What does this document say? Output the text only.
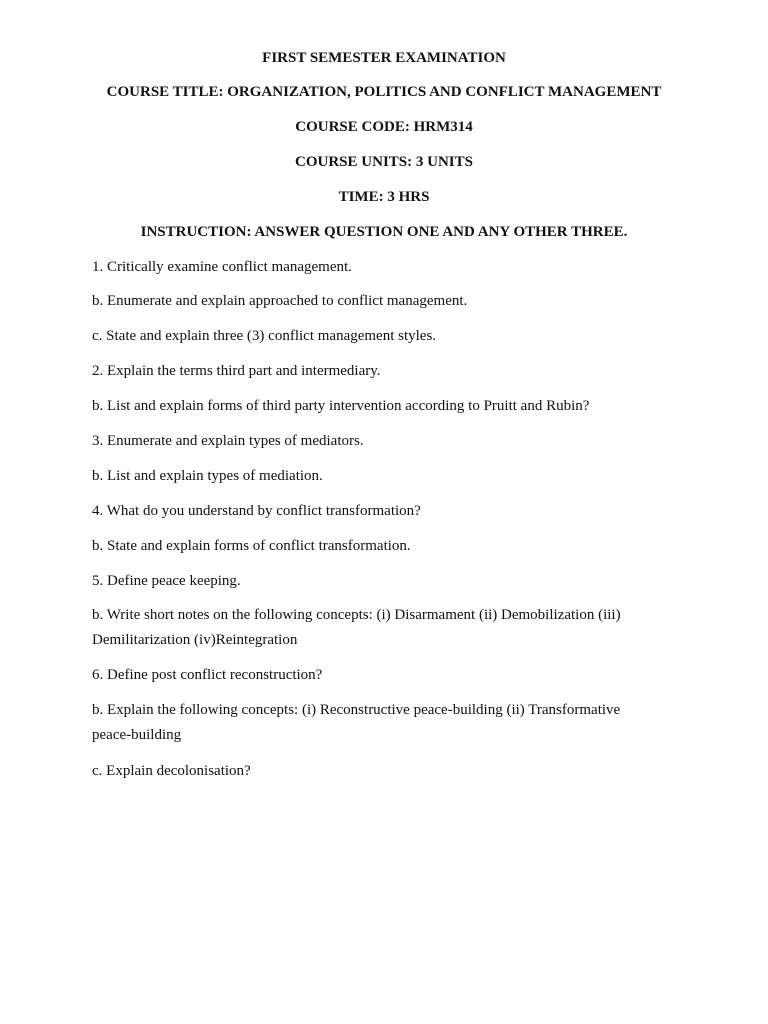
FIRST SEMESTER EXAMINATION
COURSE TITLE: ORGANIZATION, POLITICS AND CONFLICT MANAGEMENT
COURSE CODE: HRM314
COURSE UNITS: 3 UNITS
TIME: 3 HRS
INSTRUCTION: ANSWER QUESTION ONE AND ANY OTHER THREE.
1. Critically examine conflict management.
b. Enumerate and explain approached to conflict management.
c. State and explain three (3) conflict management styles.
2. Explain the terms third part and intermediary.
b. List and explain forms of third party intervention according to Pruitt and Rubin?
3. Enumerate and explain types of mediators.
b. List and explain types of mediation.
4. What do you understand by conflict transformation?
b. State and explain forms of conflict transformation.
5. Define peace keeping.
b. Write short notes on the following concepts: (i) Disarmament (ii) Demobilization (iii) Demilitarization (iv)Reintegration
6. Define post conflict reconstruction?
b. Explain the following concepts: (i) Reconstructive peace-building (ii) Transformative peace-building
c. Explain decolonisation?
